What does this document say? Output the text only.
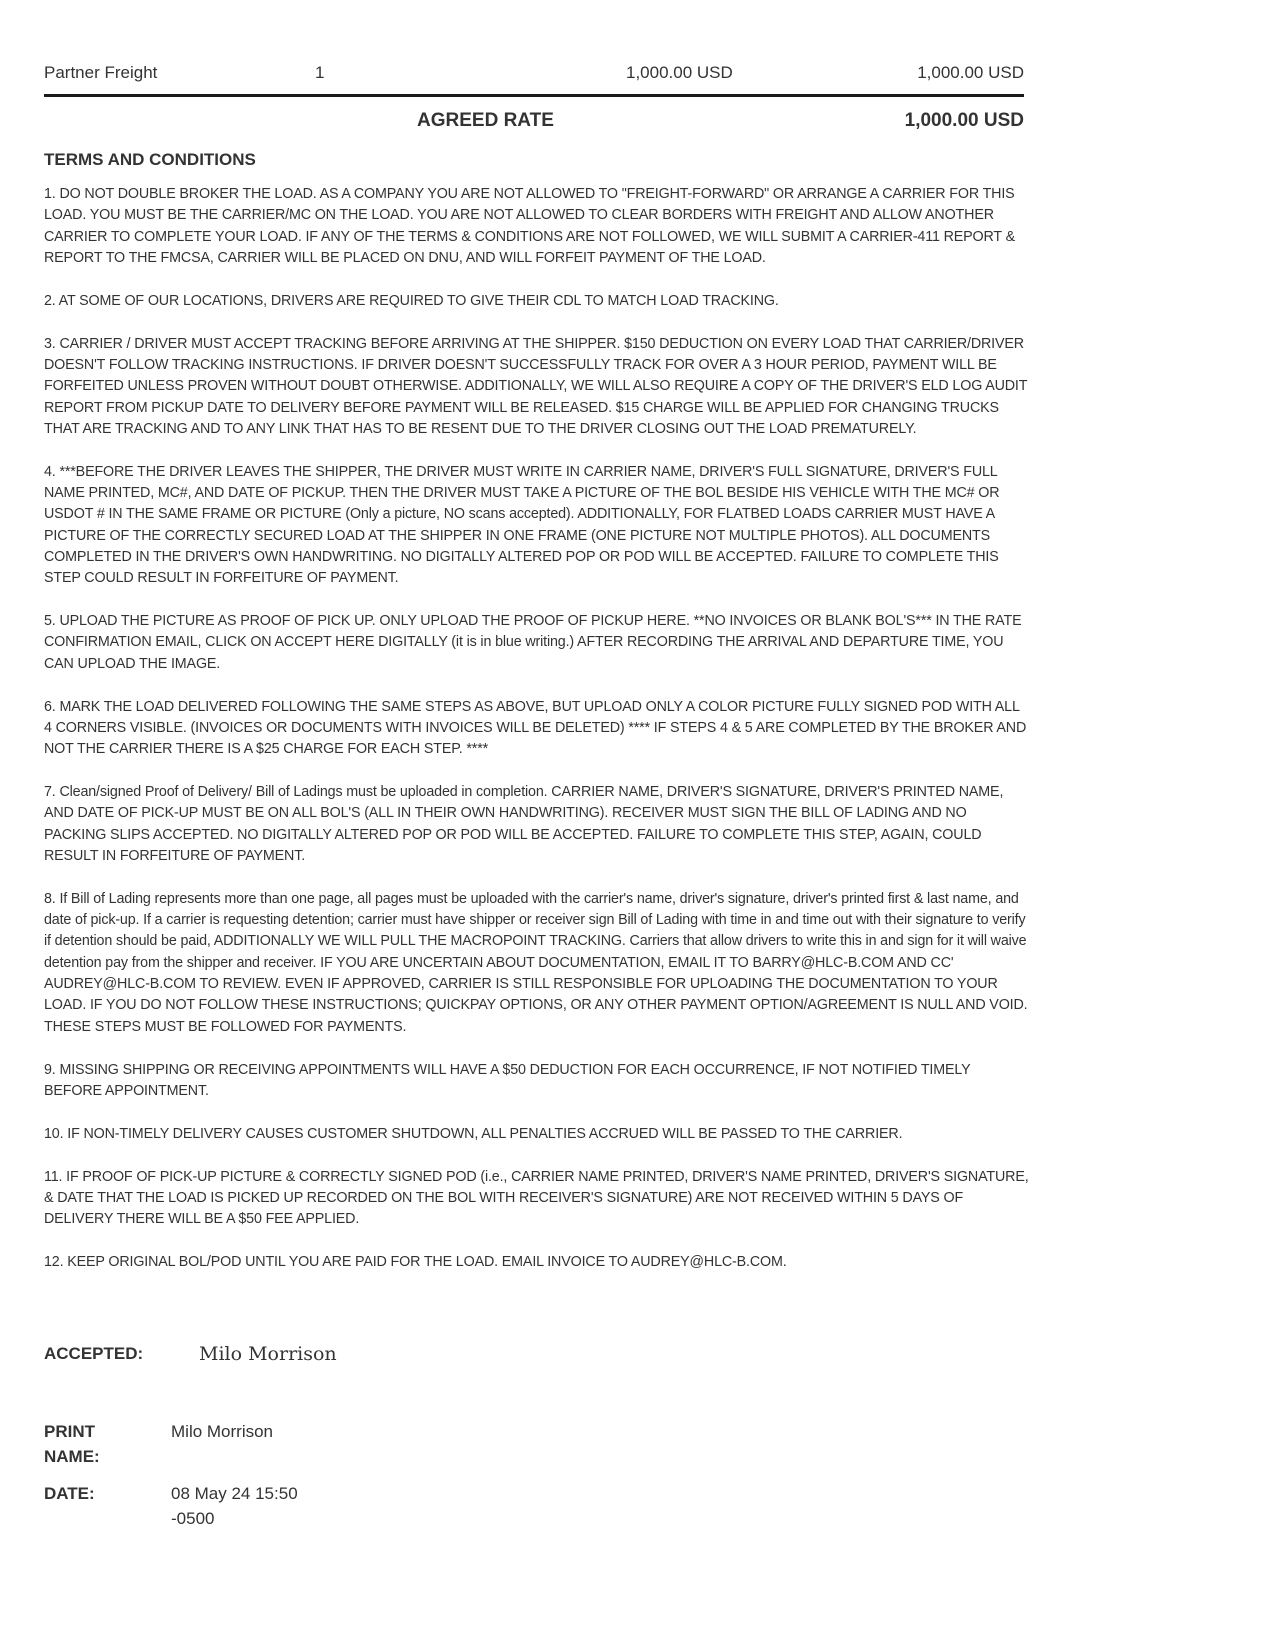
Partner Freight	1	1,000.00 USD	1,000.00 USD
AGREED RATE	1,000.00 USD
TERMS AND CONDITIONS

1. DO NOT DOUBLE BROKER THE LOAD. AS A COMPANY YOU ARE NOT ALLOWED TO "FREIGHT-FORWARD" OR ARRANGE A CARRIER FOR THIS LOAD. YOU MUST BE THE CARRIER/MC ON THE LOAD. YOU ARE NOT ALLOWED TO CLEAR BORDERS WITH FREIGHT AND ALLOW ANOTHER CARRIER TO COMPLETE YOUR LOAD. IF ANY OF THE TERMS & CONDITIONS ARE NOT FOLLOWED, WE WILL SUBMIT A CARRIER-411 REPORT & REPORT TO THE FMCSA, CARRIER WILL BE PLACED ON DNU, AND WILL FORFEIT PAYMENT OF THE LOAD.

2. AT SOME OF OUR LOCATIONS, DRIVERS ARE REQUIRED TO GIVE THEIR CDL TO MATCH LOAD TRACKING.

3. CARRIER / DRIVER MUST ACCEPT TRACKING BEFORE ARRIVING AT THE SHIPPER. $150 DEDUCTION ON EVERY LOAD THAT CARRIER/DRIVER DOESN'T FOLLOW TRACKING INSTRUCTIONS. IF DRIVER DOESN'T SUCCESSFULLY TRACK FOR OVER A 3 HOUR PERIOD, PAYMENT WILL BE FORFEITED UNLESS PROVEN WITHOUT DOUBT OTHERWISE. ADDITIONALLY, WE WILL ALSO REQUIRE A COPY OF THE DRIVER'S ELD LOG AUDIT REPORT FROM PICKUP DATE TO DELIVERY BEFORE PAYMENT WILL BE RELEASED. $15 CHARGE WILL BE APPLIED FOR CHANGING TRUCKS THAT ARE TRACKING AND TO ANY LINK THAT HAS TO BE RESENT DUE TO THE DRIVER CLOSING OUT THE LOAD PREMATURELY.

4. ***BEFORE THE DRIVER LEAVES THE SHIPPER, THE DRIVER MUST WRITE IN CARRIER NAME, DRIVER'S FULL SIGNATURE, DRIVER'S FULL NAME PRINTED, MC#, AND DATE OF PICKUP. THEN THE DRIVER MUST TAKE A PICTURE OF THE BOL BESIDE HIS VEHICLE WITH THE MC# OR USDOT # IN THE SAME FRAME OR PICTURE (Only a picture, NO scans accepted). ADDITIONALLY, FOR FLATBED LOADS CARRIER MUST HAVE A PICTURE OF THE CORRECTLY SECURED LOAD AT THE SHIPPER IN ONE FRAME (ONE PICTURE NOT MULTIPLE PHOTOS). ALL DOCUMENTS COMPLETED IN THE DRIVER'S OWN HANDWRITING. NO DIGITALLY ALTERED POP OR POD WILL BE ACCEPTED. FAILURE TO COMPLETE THIS STEP COULD RESULT IN FORFEITURE OF PAYMENT.

5. UPLOAD THE PICTURE AS PROOF OF PICK UP. ONLY UPLOAD THE PROOF OF PICKUP HERE. **NO INVOICES OR BLANK BOL'S*** IN THE RATE CONFIRMATION EMAIL, CLICK ON ACCEPT HERE DIGITALLY (it is in blue writing.) AFTER RECORDING THE ARRIVAL AND DEPARTURE TIME, YOU CAN UPLOAD THE IMAGE.

6. MARK THE LOAD DELIVERED FOLLOWING THE SAME STEPS AS ABOVE, BUT UPLOAD ONLY A COLOR PICTURE FULLY SIGNED POD WITH ALL 4 CORNERS VISIBLE. (INVOICES OR DOCUMENTS WITH INVOICES WILL BE DELETED) **** IF STEPS 4 & 5 ARE COMPLETED BY THE BROKER AND NOT THE CARRIER THERE IS A $25 CHARGE FOR EACH STEP. ****

7. Clean/signed Proof of Delivery/ Bill of Ladings must be uploaded in completion. CARRIER NAME, DRIVER'S SIGNATURE, DRIVER'S PRINTED NAME, AND DATE OF PICK-UP MUST BE ON ALL BOL'S (ALL IN THEIR OWN HANDWRITING). RECEIVER MUST SIGN THE BILL OF LADING AND NO PACKING SLIPS ACCEPTED. NO DIGITALLY ALTERED POP OR POD WILL BE ACCEPTED. FAILURE TO COMPLETE THIS STEP, AGAIN, COULD RESULT IN FORFEITURE OF PAYMENT.

8. If Bill of Lading represents more than one page, all pages must be uploaded with the carrier's name, driver's signature, driver's printed first & last name, and date of pick-up. If a carrier is requesting detention; carrier must have shipper or receiver sign Bill of Lading with time in and time out with their signature to verify if detention should be paid, ADDITIONALLY WE WILL PULL THE MACROPOINT TRACKING. Carriers that allow drivers to write this in and sign for it will waive detention pay from the shipper and receiver. IF YOU ARE UNCERTAIN ABOUT DOCUMENTATION, EMAIL IT TO BARRY@HLC-B.COM AND CC' AUDREY@HLC-B.COM TO REVIEW. EVEN IF APPROVED, CARRIER IS STILL RESPONSIBLE FOR UPLOADING THE DOCUMENTATION TO YOUR LOAD. IF YOU DO NOT FOLLOW THESE INSTRUCTIONS; QUICKPAY OPTIONS, OR ANY OTHER PAYMENT OPTION/AGREEMENT IS NULL AND VOID. THESE STEPS MUST BE FOLLOWED FOR PAYMENTS.

9. MISSING SHIPPING OR RECEIVING APPOINTMENTS WILL HAVE A $50 DEDUCTION FOR EACH OCCURRENCE, IF NOT NOTIFIED TIMELY BEFORE APPOINTMENT.

10. IF NON-TIMELY DELIVERY CAUSES CUSTOMER SHUTDOWN, ALL PENALTIES ACCRUED WILL BE PASSED TO THE CARRIER.

11. IF PROOF OF PICK-UP PICTURE & CORRECTLY SIGNED POD (i.e., CARRIER NAME PRINTED, DRIVER'S NAME PRINTED, DRIVER'S SIGNATURE, & DATE THAT THE LOAD IS PICKED UP RECORDED ON THE BOL WITH RECEIVER'S SIGNATURE) ARE NOT RECEIVED WITHIN 5 DAYS OF DELIVERY THERE WILL BE A $50 FEE APPLIED.

12. KEEP ORIGINAL BOL/POD UNTIL YOU ARE PAID FOR THE LOAD. EMAIL INVOICE TO AUDREY@HLC-B.COM.

ACCEPTED:	Milo Morrison
PRINT NAME:
Milo Morrison
DATE:	08 May 24 15:50 -0500
